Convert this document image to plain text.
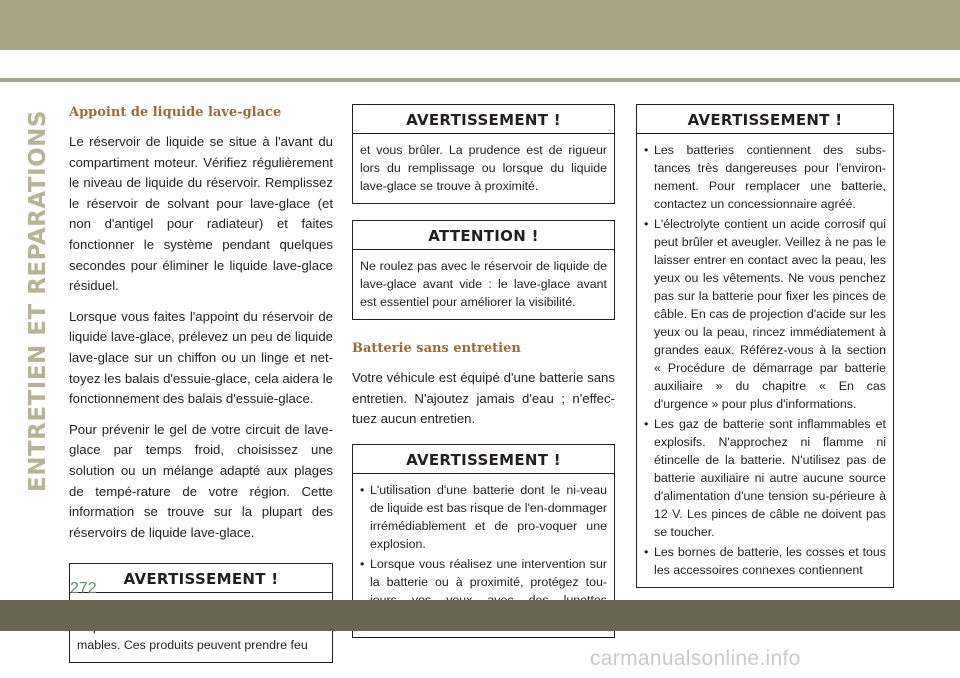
ENTRETIEN ET REPARATIONS Appoint de liquide lave-glace

Le réservoir de liquide se situe à l'avant du compartiment moteur. Vérifiez régulièrement le niveau de liquide du réservoir. Remplissez le réservoir de solvant pour lave-glace (et non d'antigel pour radiateur) et faites fonctionner le système pendant quelques secondes pour éliminer le liquide lave-glace résiduel.

Lorsque vous faites l'appoint du réservoir de liquide lave-glace, prélevez un peu de liquide lave-glace sur un chiffon ou un linge et net-toyez les balais d'essuie-glace, cela aidera le fonctionnement des balais d'essuie-glace.

Pour prévenir le gel de votre circuit de lave-glace par temps froid, choisissez une solution ou un mélange adapté aux plages de tempé-rature de votre région. Cette information se trouve sur la plupart des réservoirs de liquide lave-glace.

AVERTISSEMENT !
mables. Ces produits peuvent prendre feu
AVERTISSEMENT !
et vous brûler. La prudence est de rigueur lors du remplissage ou lorsque du liquide lave-glace se trouve à proximité.
ATTENTION !
Ne roulez pas avec le réservoir de liquide de lave-glace avant vide : le lave-glace avant est essentiel pour améliorer la visibilité.
Batterie sans entretien

Votre véhicule est équipé d'une batterie sans entretien. N'ajoutez jamais d'eau ; n'effec-tuez aucun entretien.

AVERTISSEMENT !
• L'utilisation d'une batterie dont le ni-veau de liquide est bas risque de l'en-dommager irrémédiablement et de pro-voquer une explosion.
• Lorsque vous réalisez une intervention sur la batterie ou à proximité, protégez tou-
AVERTISSEMENT !
• Les batteries contiennent des subs-tances très dangereuses pour l'environ-nement. Pour remplacer une batterie, contactez un concessionnaire agréé.
• L'électrolyte contient un acide corrosif qui peut brûler et aveugler. Veillez à ne pas le laisser entrer en contact avec la peau, les yeux ou les vêtements. Ne vous penchez pas sur la batterie pour fixer les pinces de câble. En cas de projection d'acide sur les yeux ou la peau, rincez immédiatement à grandes eaux. Référez-vous à la section « Procédure de démarrage par batterie auxiliaire » du chapitre « En cas d'urgence » pour plus d'informations.
• Les gaz de batterie sont inflammables et explosifs. N'approchez ni flamme ni étincelle de la batterie. N'utilisez pas de batterie auxiliaire ni autre aucune source d'alimentation d'une tension su-périeure à 12 V. Les pinces de câble ne doivent pas se toucher.
• Les bornes de batterie, les cosses et tous les accessoires connexes contiennent
272
carmanualsonline.info
